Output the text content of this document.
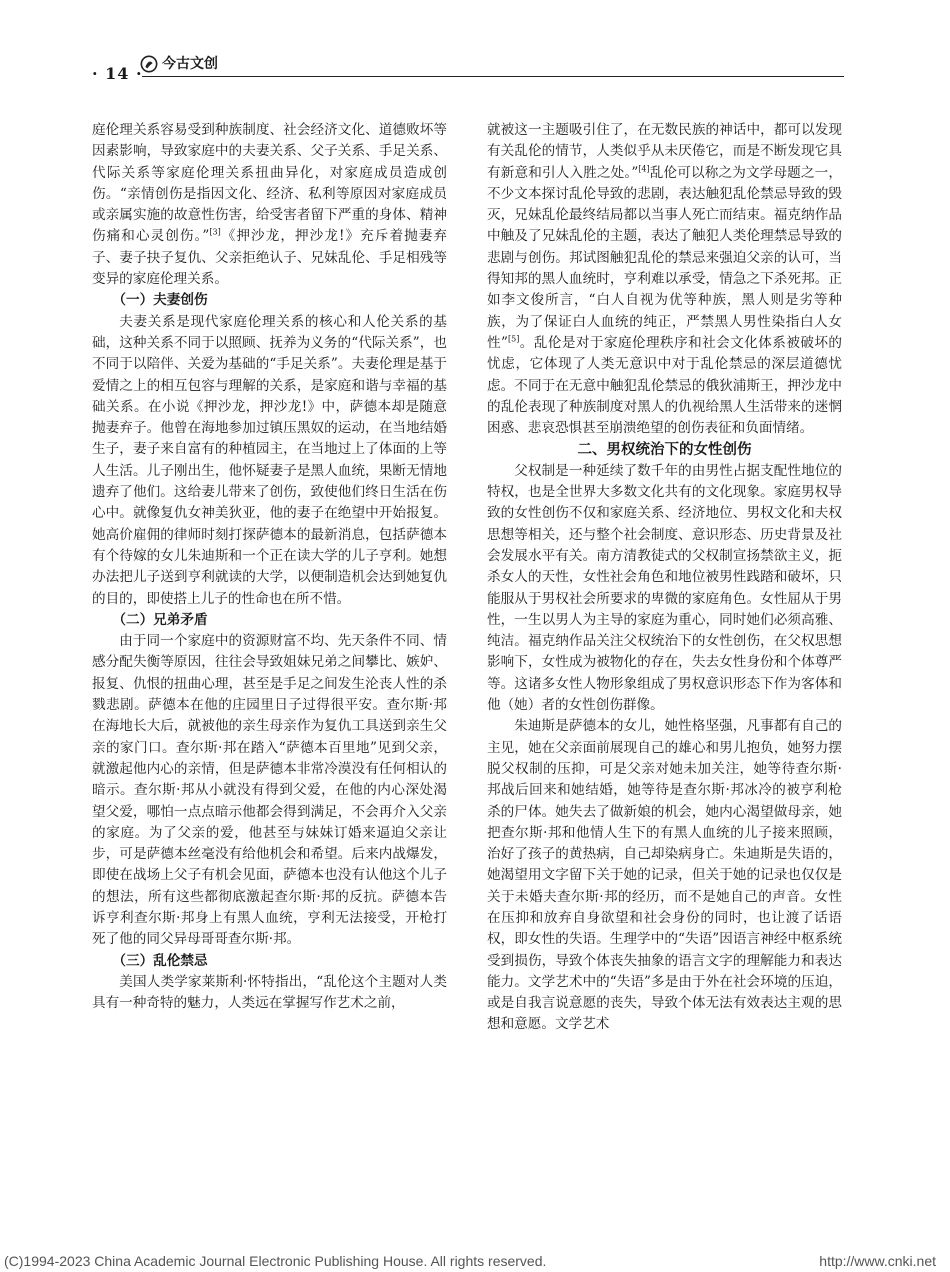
· 14 · 今古文创

庭伦理关系容易受到种族制度、社会经济文化、道德败坏等因素影响，导致家庭中的夫妻关系、父子关系、手足关系、代际关系等家庭伦理关系扭曲异化，对家庭成员造成创伤。“亲情创伤是指因文化、经济、私利等原因对家庭成员或亲属实施的故意性伤害，给受害者留下严重的身体、精神伤痛和心灵创伤。”[3]《押沙龙，押沙龙!》充斥着抛妻弃子、妻子抉子复仇、父亲拒绝认子、兄妹乱伦、手足相残等变异的家庭伦理关系。

（一）夫妻创伤

夫妻关系是现代家庭伦理关系的核心和人伦关系的基础，这种关系不同于以照顾、抚养为义务的“代际关系”，也不同于以陪伴、关爱为基础的“手足关系”。夫妻伦理是基于爱情之上的相互包容与理解的关系，是家庭和谐与幸福的基础关系。在小说《押沙龙，押沙龙!》中，萨德本却是随意抛妻弃子。他曾在海地参加过镇压黑奴的运动，在当地结婚生子，妻子来自富有的种植园主，在当地过上了体面的上等人生活。儿子刚出生，他怀疑妻子是黑人血统，果断无情地遗弃了他们。这给妻儿带来了创伤，致使他们终日生活在伤心中。就像复仇女神美狄亚，他的妻子在绝望中开始报复。她高价雇佣的律师时刻打探萨德本的最新消息，包括萨德本有个待嫁的女儿朱迪斯和一个正在读大学的儿子亨利。她想办法把儿子送到亨利就读的大学，以便制造机会达到她复仇的目的，即使搭上儿子的性命也在所不惜。

（二）兄弟矛盾

由于同一个家庭中的资源财富不均、先天条件不同、情感分配失衡等原因，往往会导致姐妹兄弟之间攀比、嫉妒、报复、仇恨的扭曲心理，甚至是手足之间发生沦丧人性的杀戮悲剧。萨德本在他的庄园里日子过得很平安。查尔斯·邦在海地长大后，就被他的亲生母亲作为复仇工具送到亲生父亲的家门口。查尔斯·邦在踏入“萨德本百里地”见到父亲，就激起他内心的亲情，但是萨德本非常冷漠没有任何相认的暗示。查尔斯·邦从小就没有得到父爱，在他的内心深处渴望父爱，哪怕一点点暗示他都会得到满足，不会再介入父亲的家庭。为了父亲的爱，他甚至与妹妹订婚来逼迫父亲让步，可是萨德本丝毫没有给他机会和希望。后来内战爆发，即使在战场上父子有机会见面，萨德本也没有认他这个儿子的想法，所有这些都彻底激起查尔斯·邦的反抗。萨德本告诉亨利查尔斯·邦身上有黑人血统，亨利无法接受，开枪打死了他的同父异母哥哥查尔斯·邦。

（三）乱伦禁忌

美国人类学家莱斯利·怀特指出，“乱伦这个主题对人类具有一种奇特的魅力，人类远在掌握写作艺术之前，

就被这一主题吸引住了，在无数民族的神话中，都可以发现有关乱伦的情节，人类似乎从未厌倦它，而是不断发现它具有新意和引人入胜之处。”[4]乱伦可以称之为文学母题之一，不少文本探讨乱伦导致的悲剧，表达触犯乱伦禁忌导致的毁灭，兄妹乱伦最终结局都以当事人死亡而结束。福克纳作品中触及了兄妹乱伦的主题，表达了触犯人类伦理禁忌导致的悲剧与创伤。邦试图触犯乱伦的禁忌来强迫父亲的认可，当得知邦的黑人血统时，亨利难以承受，情急之下杀死邦。正如李文俊所言，“白人自视为优等种族，黑人则是劣等种族，为了保证白人血统的纯正，严禁黑人男性染指白人女性”[5]。乱伦是对于家庭伦理秩序和社会文化体系被破坏的忧虑，它体现了人类无意识中对于乱伦禁忌的深层道德忧虑。不同于在无意中触犯乱伦禁忌的俄狄浦斯王，押沙龙中的乱伦表现了种族制度对黑人的仇视给黑人生活带来的迷惘困惑、悲哀恐惧甚至崩溃绝望的创伤表征和负面情绪。

二、男权统治下的女性创伤

父权制是一种延续了数千年的由男性占据支配性地位的特权，也是全世界大多数文化共有的文化现象。家庭男权导致的女性创伤不仅和家庭关系、经济地位、男权文化和夫权思想等相关，还与整个社会制度、意识形态、历史背景及社会发展水平有关。南方清教徒式的父权制宣扬禁欲主义，扼杀女人的天性，女性社会角色和地位被男性践踏和破坏，只能服从于男权社会所要求的卑微的家庭角色。女性屈从于男性，一生以男人为主导的家庭为重心，同时她们必须高雅、纯洁。福克纳作品关注父权统治下的女性创伤，在父权思想影响下，女性成为被物化的存在，失去女性身份和个体尊严等。这诸多女性人物形象组成了男权意识形态下作为客体和他（她）者的女性创伤群像。

朱迪斯是萨德本的女儿，她性格坚强，凡事都有自己的主见，她在父亲面前展现自己的雄心和男儿抱负，她努力摆脱父权制的压抑，可是父亲对她未加关注，她等待查尔斯·邦战后回来和她结婚，她等待是查尔斯·邦冰冷的被亨利枪杀的尸体。她失去了做新娘的机会，她内心渴望做母亲，她把查尔斯·邦和他情人生下的有黑人血统的儿子接来照顾，治好了孩子的黄热病，自己却染病身亡。朱迪斯是失语的，她渴望用文字留下关于她的记录，但关于她的记录也仅仅是关于未婚夫查尔斯·邦的经历，而不是她自己的声音。女性在压抑和放弃自身欲望和社会身份的同时，也让渡了话语权，即女性的失语。生理学中的“失语”因语言神经中枢系统受到损伤，导致个体丧失抽象的语言文字的理解能力和表达能力。文学艺术中的“失语”多是由于外在社会环境的压迫，或是自我言说意愿的丧失，导致个体无法有效表达主观的思想和意愿。文学艺术

(C)1994-2023 China Academic Journal Electronic Publishing House. All rights reserved.	http://www.cnki.net
